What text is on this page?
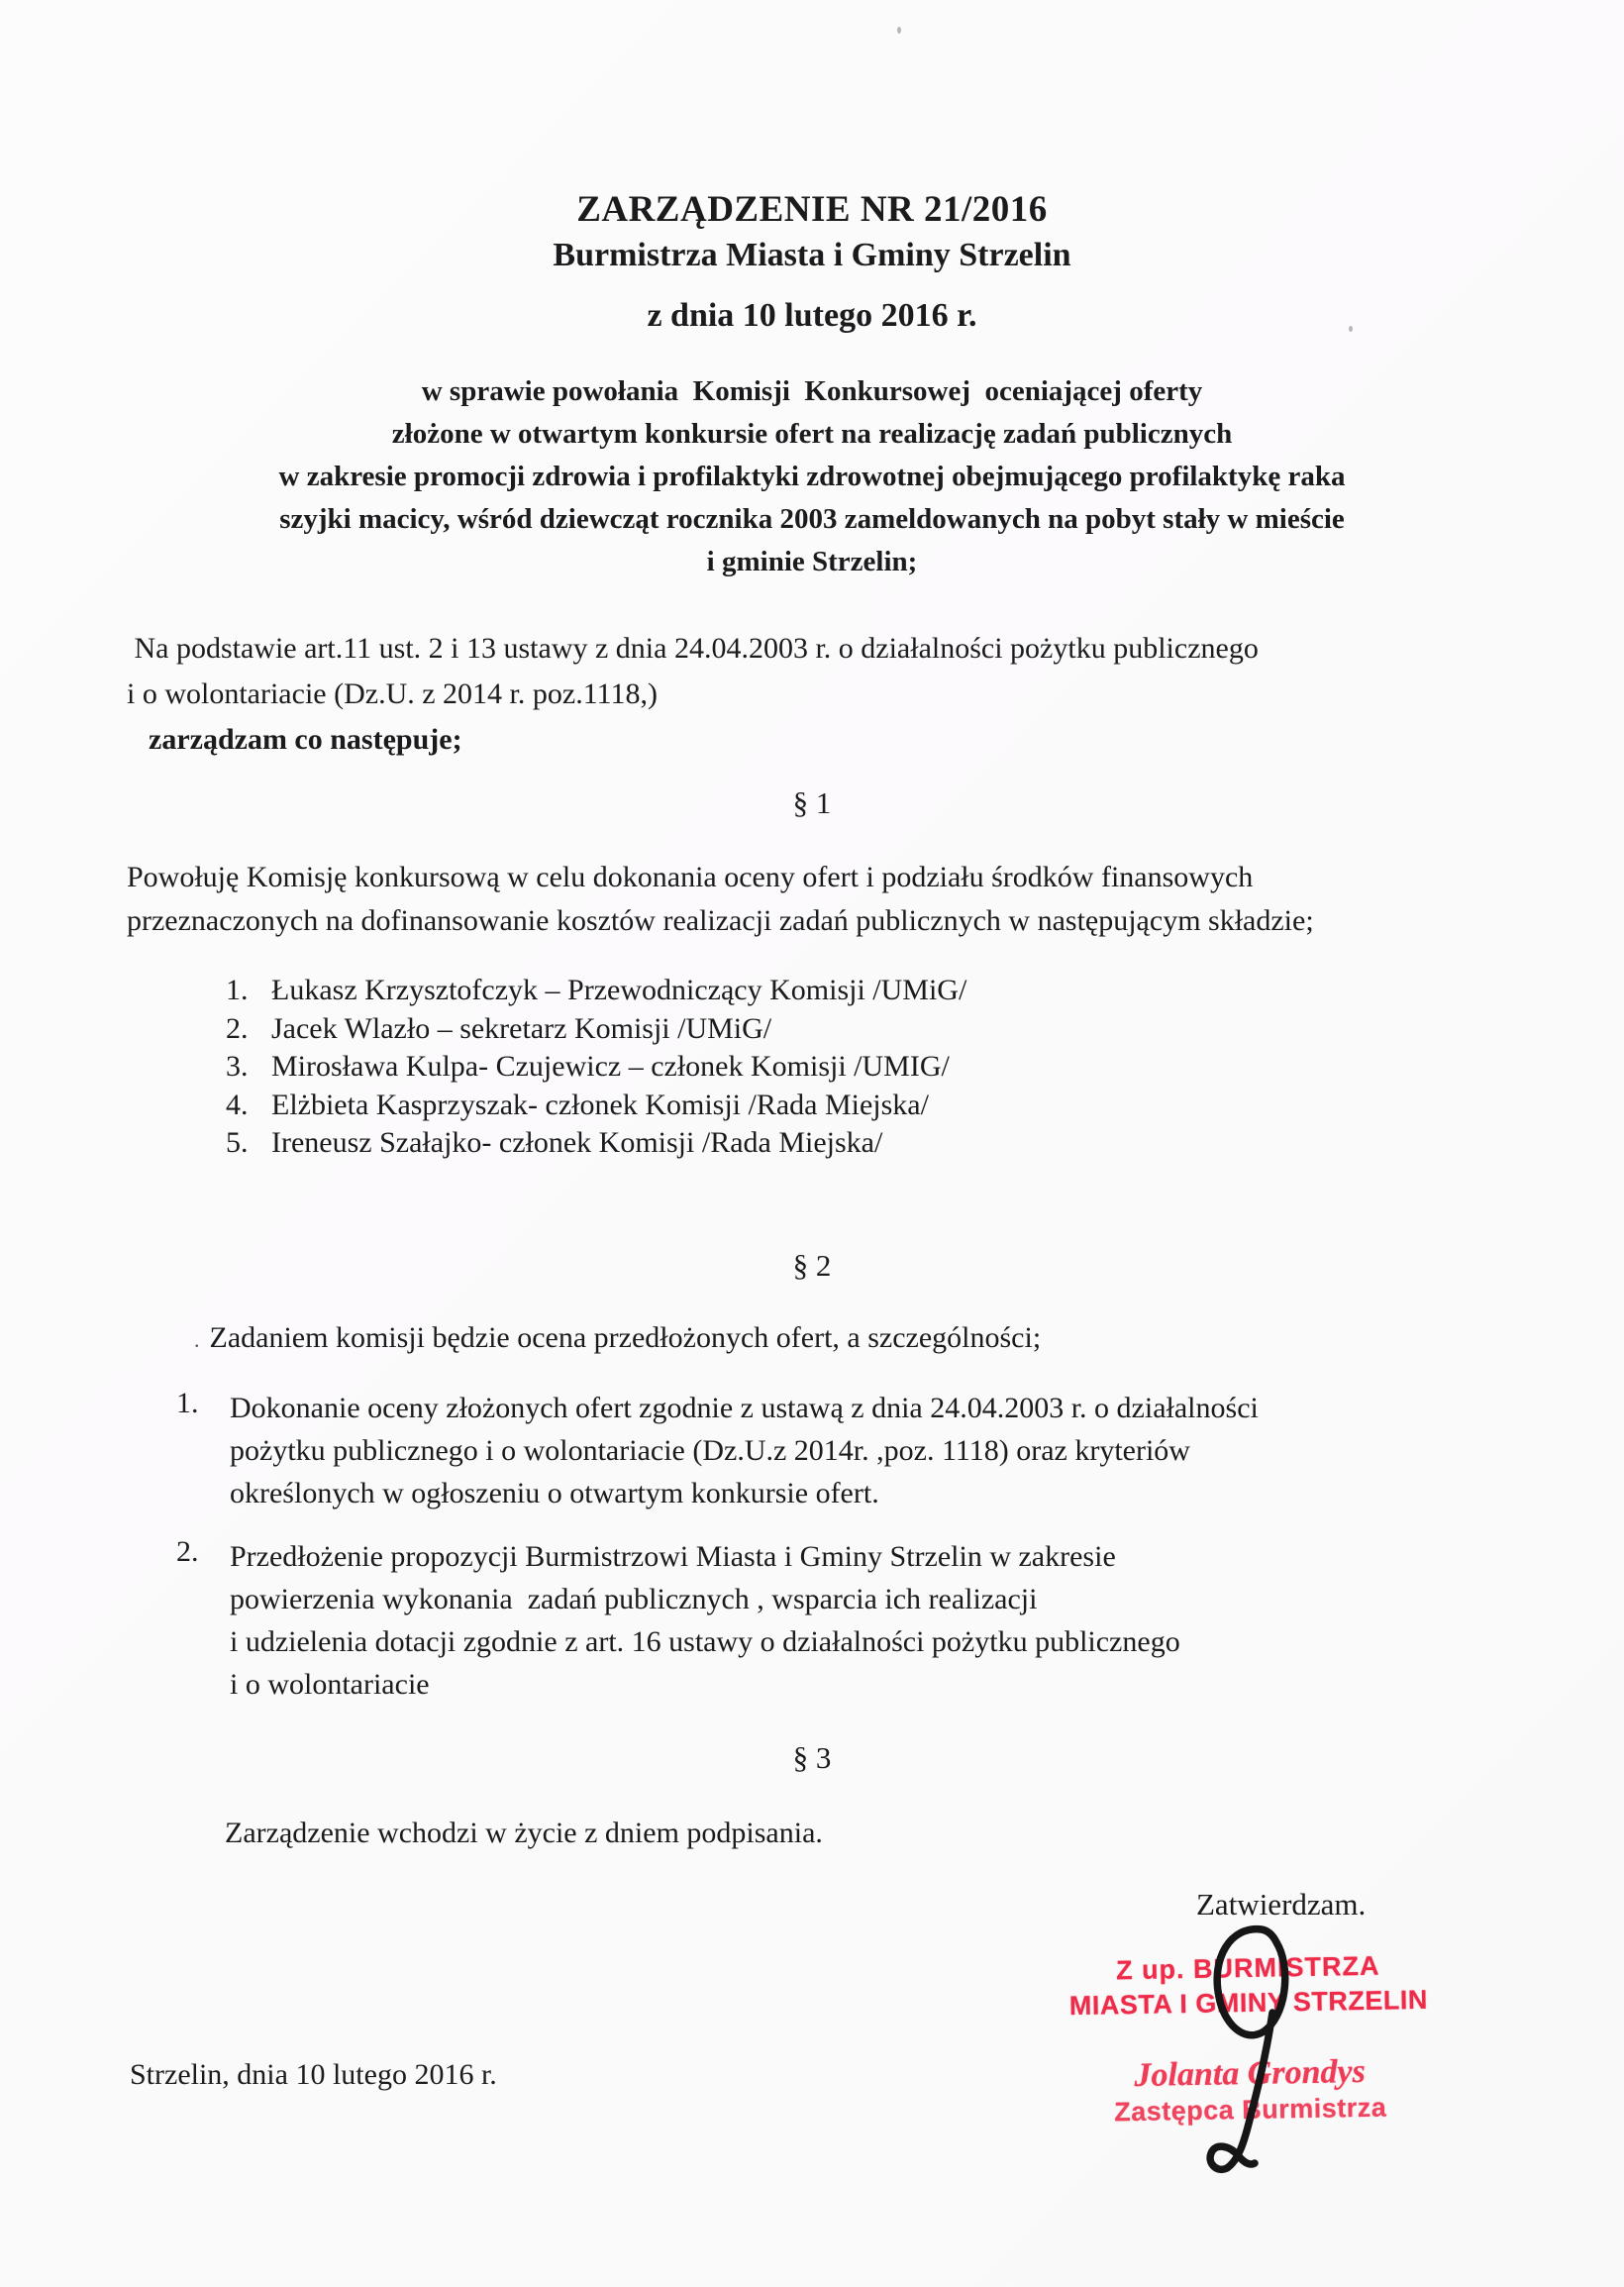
ZARZĄDZENIE NR 21/2016
Burmistrza Miasta i Gminy Strzelin
z dnia 10 lutego 2016 r.
w sprawie powołania  Komisji  Konkursowej  oceniającej oferty
złożone w otwartym konkursie ofert na realizację zadań publicznych
w zakresie promocji zdrowia i profilaktyki zdrowotnej obejmującego profilaktykę raka
szyjki macicy, wśród dziewcząt rocznika 2003 zameldowanych na pobyt stały w mieście
i gminie Strzelin;
Na podstawie art.11 ust. 2 i 13 ustawy z dnia 24.04.2003 r. o działalności pożytku publicznego
i o wolontariacie (Dz.U. z 2014 r. poz.1118,)
zarządzam co następuje;
§ 1
Powołuję Komisję konkursową w celu dokonania oceny ofert i podziału środków finansowych
przeznaczonych na dofinansowanie kosztów realizacji zadań publicznych w następującym składzie;
1. Łukasz Krzysztofczyk – Przewodniczący Komisji /UMiG/
2. Jacek Wlazło – sekretarz Komisji /UMiG/
3. Mirosława Kulpa- Czujewicz – członek Komisji /UMIG/
4. Elżbieta Kasprzyszak- członek Komisji /Rada Miejska/
5. Ireneusz Szałajko- członek Komisji /Rada Miejska/
§ 2
. Zadaniem komisji będzie ocena przedłożonych ofert, a szczególności;
1.	Dokonanie oceny złożonych ofert zgodnie z ustawą z dnia 24.04.2003 r. o działalności
pożytku publicznego i o wolontariacie (Dz.U.z 2014r. ,poz. 1118) oraz kryteriów
określonych w ogłoszeniu o otwartym konkursie ofert.
2.	Przedłożenie propozycji Burmistrzowi Miasta i Gminy Strzelin w zakresie
powierzenia wykonania  zadań publicznych , wsparcia ich realizacji
i udzielenia dotacji zgodnie z art. 16 ustawy o działalności pożytku publicznego
i o wolontariacie
§ 3
Zarządzenie wchodzi w życie z dniem podpisania.
Zatwierdzam.
Z up. BURMISTRZA
MIASTA I GMINY STRZELIN
Jolanta Grondys
Zastępca Burmistrza
Strzelin, dnia 10 lutego 2016 r.
